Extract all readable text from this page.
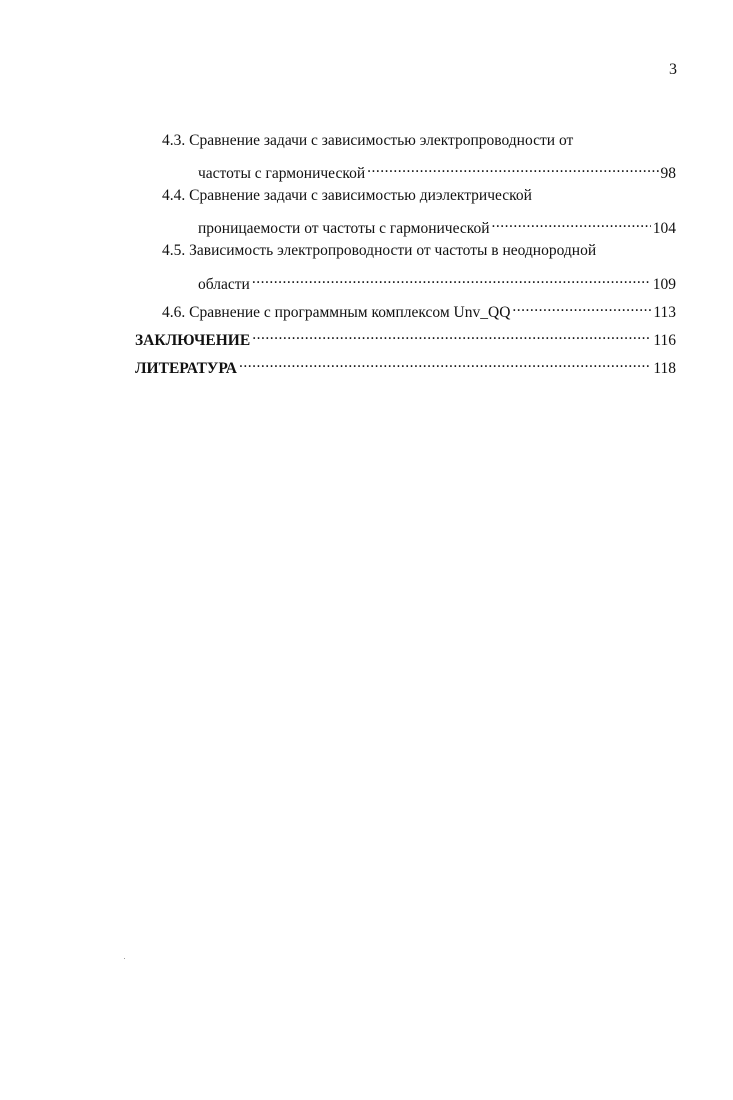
3
4.3. Сравнение задачи с зависимостью электропроводности от
частоты с гармонической .....	98
4.4. Сравнение задачи с зависимостью диэлектрической
проницаемости от частоты с гармонической .....	104
4.5. Зависимость электропроводности от частоты в неоднородной
области .....	109
4.6. Сравнение с программным комплексом Unv_QQ .....	113
ЗАКЛЮЧЕНИЕ .....	116
ЛИТЕРАТУРА .....	118
